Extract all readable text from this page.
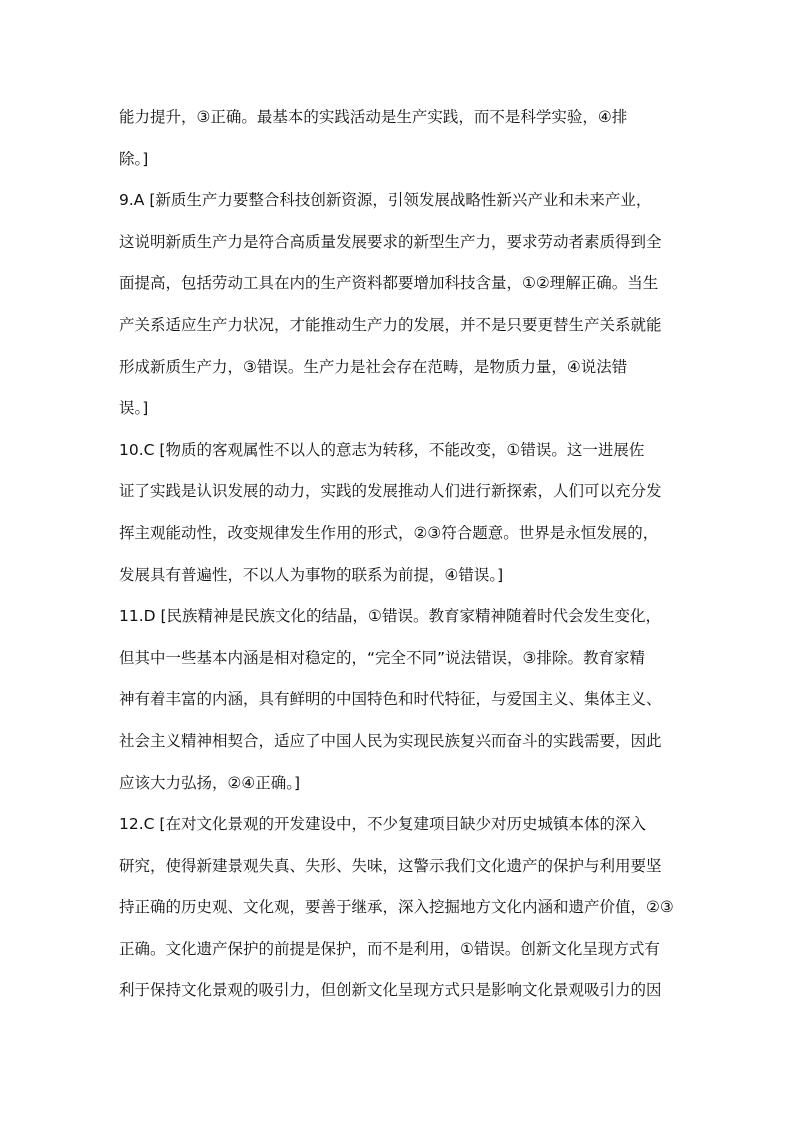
能力提升，③正确。最基本的实践活动是生产实践，而不是科学实验，④排
除。]
9.A [新质生产力要整合科技创新资源，引领发展战略性新兴产业和未来产业，
这说明新质生产力是符合高质量发展要求的新型生产力，要求劳动者素质得到全
面提高，包括劳动工具在内的生产资料都要增加科技含量，①②理解正确。当生
产关系适应生产力状况，才能推动生产力的发展，并不是只要更替生产关系就能
形成新质生产力，③错误。生产力是社会存在范畴，是物质力量，④说法错
误。]
10.C [物质的客观属性不以人的意志为转移，不能改变，①错误。这一进展佐
证了实践是认识发展的动力，实践的发展推动人们进行新探索，人们可以充分发
挥主观能动性，改变规律发生作用的形式，②③符合题意。世界是永恒发展的，
发展具有普遍性，不以人为事物的联系为前提，④错误。]
11.D [民族精神是民族文化的结晶，①错误。教育家精神随着时代会发生变化，
但其中一些基本内涵是相对稳定的，“完全不同”说法错误，③排除。教育家精
神有着丰富的内涵，具有鲜明的中国特色和时代特征，与爱国主义、集体主义、
社会主义精神相契合，适应了中国人民为实现民族复兴而奋斗的实践需要，因此
应该大力弘扬，②④正确。]
12.C [在对文化景观的开发建设中，不少复建项目缺少对历史城镇本体的深入
研究，使得新建景观失真、失形、失味，这警示我们文化遗产的保护与利用要坚
持正确的历史观、文化观，要善于继承，深入挖掘地方文化内涵和遗产价值，②③
正确。文化遗产保护的前提是保护，而不是利用，①错误。创新文化呈现方式有
利于保持文化景观的吸引力，但创新文化呈现方式只是影响文化景观吸引力的因
